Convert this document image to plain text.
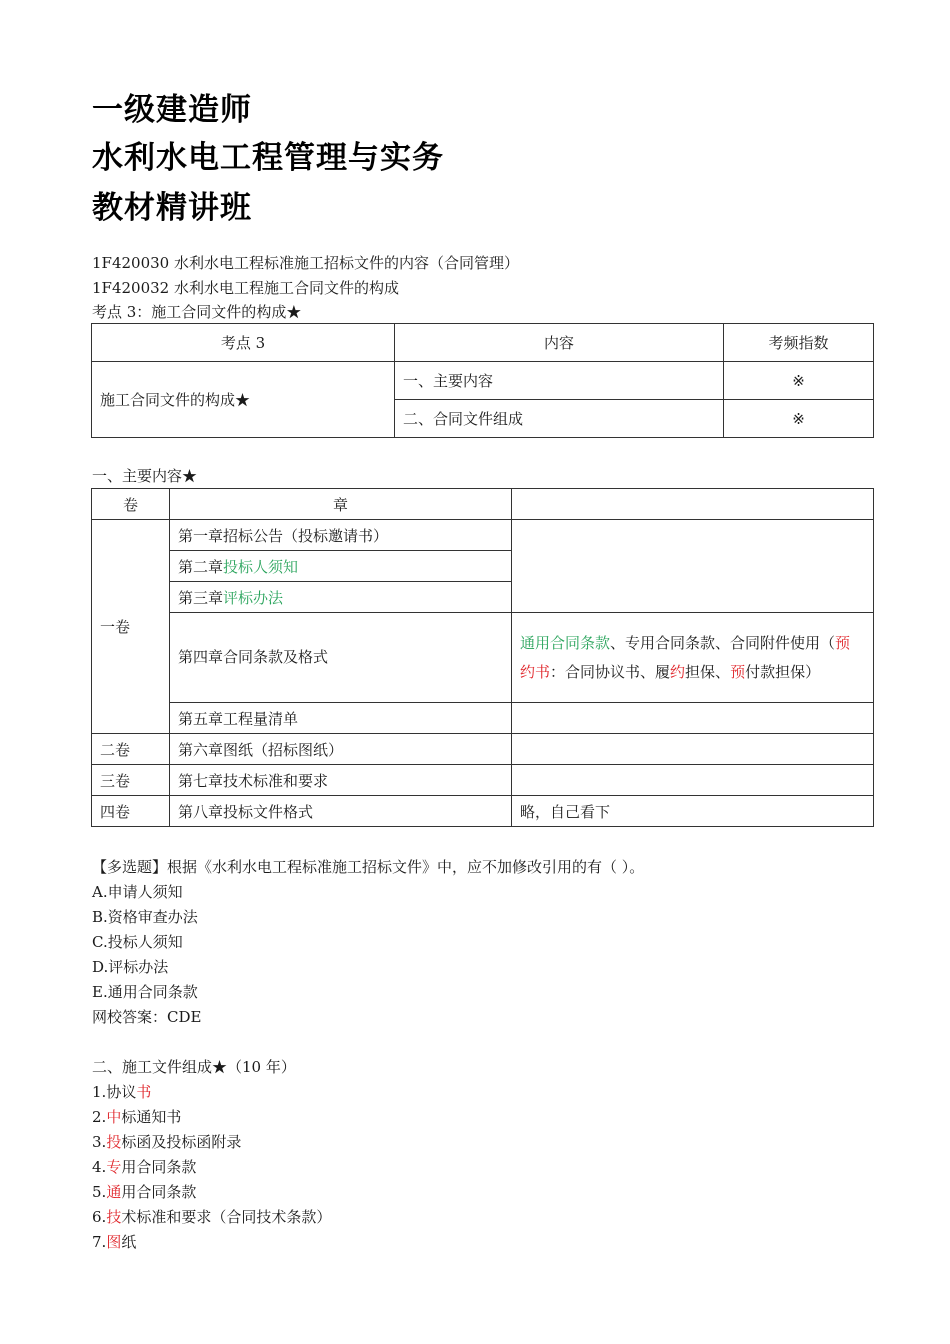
一级建造师
水利水电工程管理与实务
教材精讲班
1F420030 水利水电工程标准施工招标文件的内容（合同管理）
1F420032 水利水电工程施工合同文件的构成
考点 3：施工合同文件的构成★
考点 3	内容	考频指数
施工合同文件的构成★	一、主要内容	※
	二、合同文件组成	※
一、主要内容★
卷	章	
一卷	第一章招标公告（投标邀请书）	
	第二章投标人须知	
	第三章评标办法	
	第四章合同条款及格式	通用合同条款、专用合同条款、合同附件使用（预约书：合同协议书、履约担保、预付款担保）
	第五章工程量清单	
二卷	第六章图纸（招标图纸）	
三卷	第七章技术标准和要求	
四卷	第八章投标文件格式	略，自己看下
【多选题】根据《水利水电工程标准施工招标文件》中，应不加修改引用的有（ ）。
A.申请人须知
B.资格审查办法
C.投标人须知
D.评标办法
E.通用合同条款
网校答案：CDE
二、施工文件组成★（10 年）
1.协议书
2.中标通知书
3.投标函及投标函附录
4.专用合同条款
5.通用合同条款
6.技术标准和要求（合同技术条款）
7.图纸
